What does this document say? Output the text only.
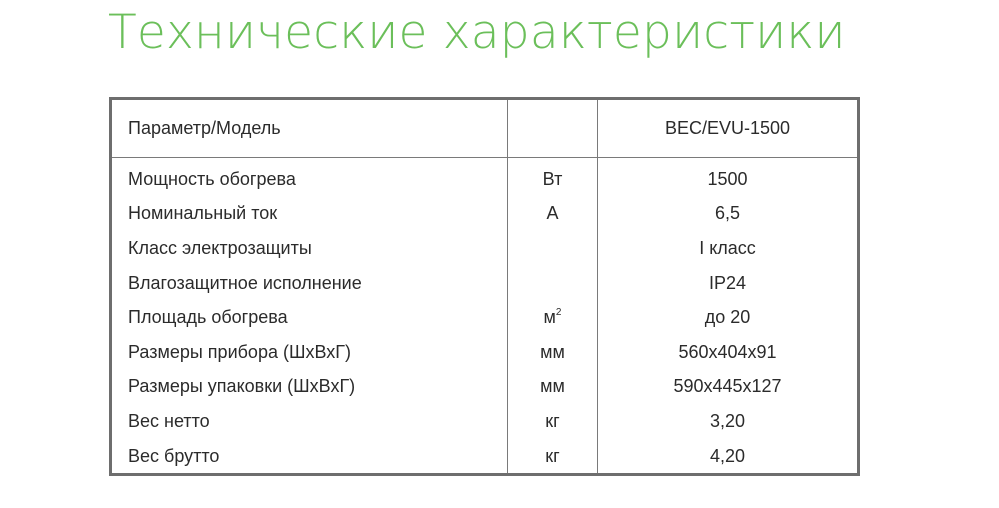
Технические характеристики
Параметр/Модель		BEC/EVU-1500
Мощность обогрева	Вт	1500
Номинальный ток	А	6,5
Класс электрозащиты		I класс
Влагозащитное исполнение		IP24
Площадь обогрева	$м^2$	до 20
Размеры прибора (ШхВхГ)	мм	560x404x91
Размеры упаковки (ШхВхГ)	мм	590x445x127
Вес нетто	кг	3,20
Вес брутто	кг	4,20
